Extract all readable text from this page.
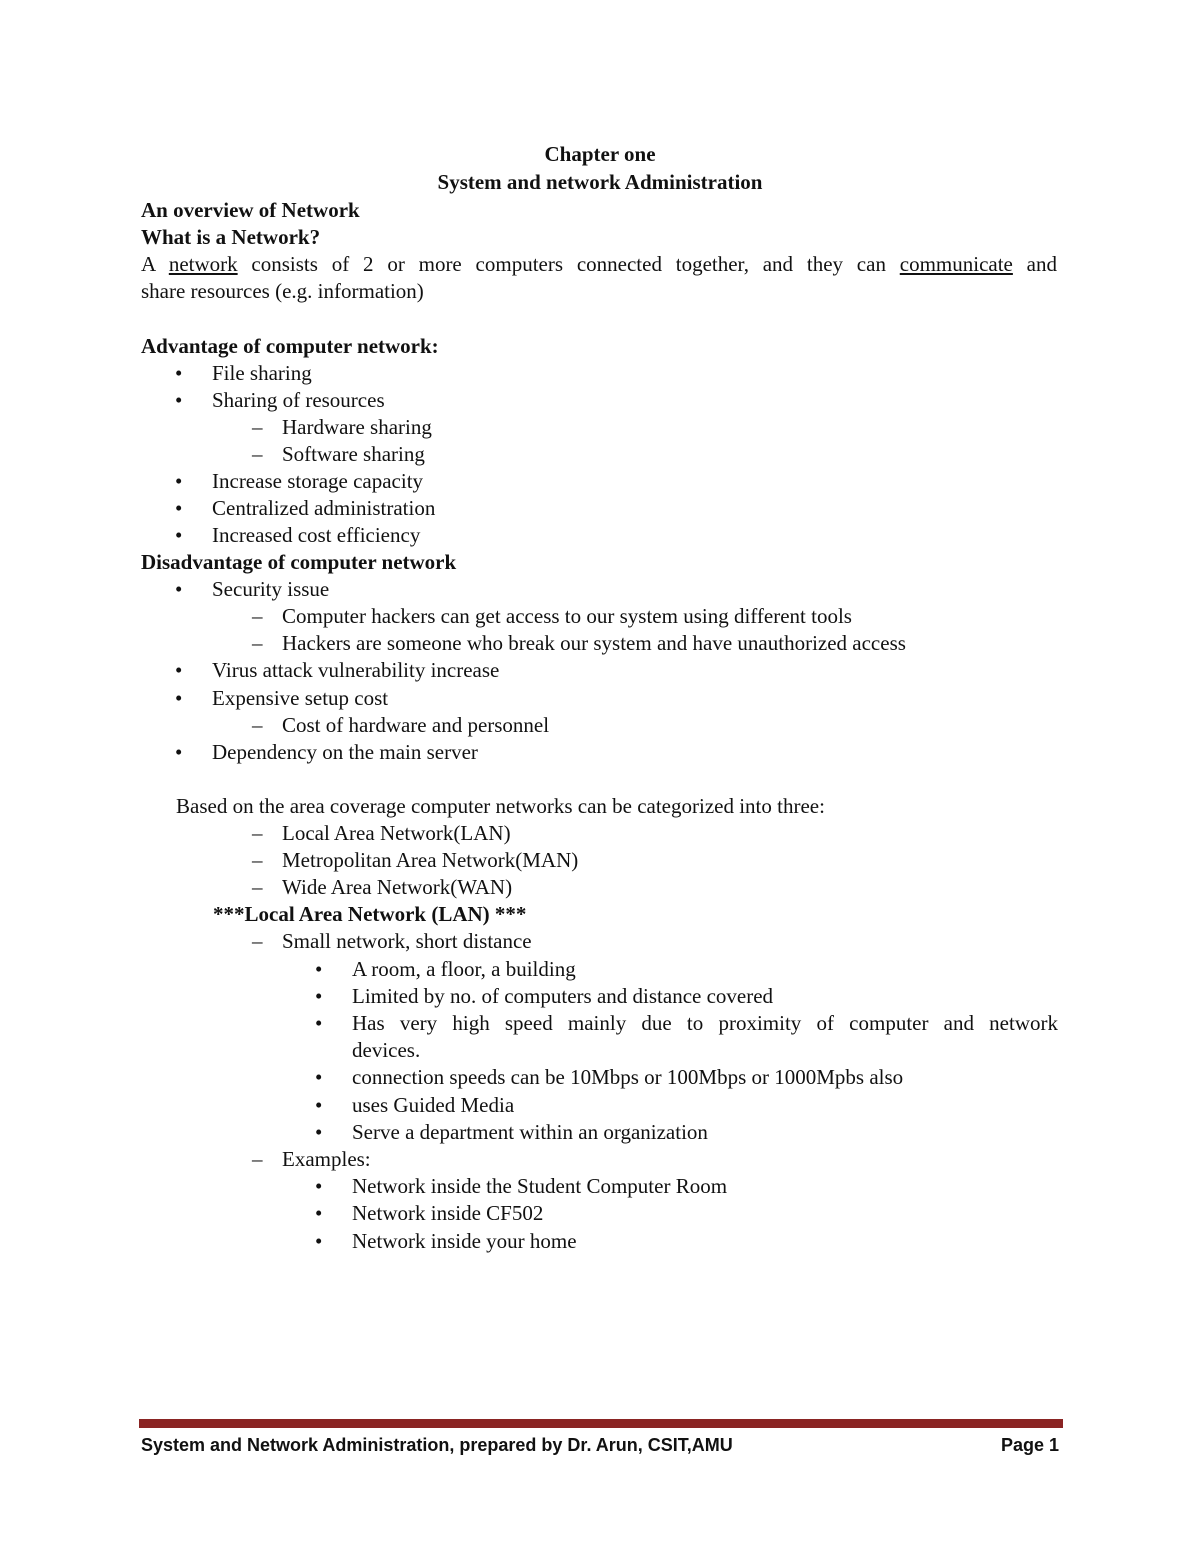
Chapter one
System and network Administration
An overview of Network
What is a Network?
A network consists of 2 or more computers connected together, and they can communicate and
share resources (e.g. information)
Advantage of computer network:
• File sharing
• Sharing of resources
– Hardware sharing
– Software sharing
• Increase storage capacity
• Centralized administration
• Increased cost efficiency
Disadvantage of computer network
• Security issue
– Computer hackers can get access to our system using different tools
– Hackers are someone who break our system and have unauthorized access
• Virus attack vulnerability increase
• Expensive setup cost
– Cost of hardware and personnel
• Dependency on the main server
Based on the area coverage computer networks can be categorized into three:
– Local Area Network(LAN)
– Metropolitan Area Network(MAN)
– Wide Area Network(WAN)
***Local Area Network (LAN) ***
– Small network, short distance
• A room, a floor, a building
• Limited by no. of computers and distance covered
• Has very high speed mainly due to proximity of computer and network
devices.
• connection speeds can be 10Mbps or 100Mbps or 1000Mpbs also
• uses Guided Media
• Serve a department within an organization
– Examples:
• Network inside the Student Computer Room
• Network inside CF502
• Network inside your home
System and Network Administration, prepared by Dr. Arun, CSIT,AMU	Page 1
